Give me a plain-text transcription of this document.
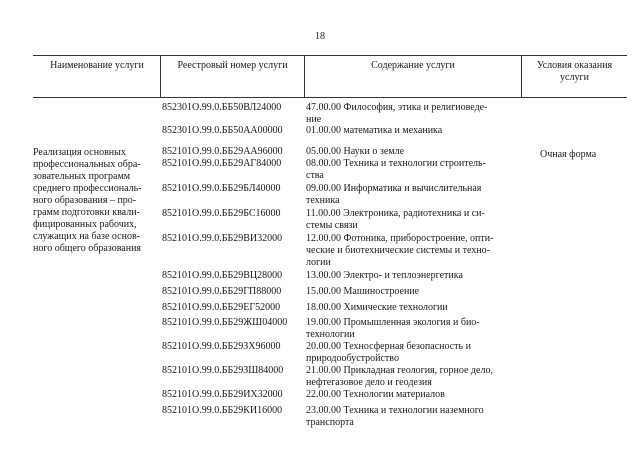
18
Наименование услуги	Реестровый номер услуги	Содержание услуги	Условия оказания
услуги
Реализация основных
профессиональных обра-
зовательных программ
среднего профессиональ-
ного образования – про-
грамм подготовки квали-
фицированных рабочих,
служащих на базе основ-
ного общего образования
Очная форма
852301О.99.0.ББ50ВЛ24000 47.00.00 Философия, этика и религиоведе-
ние
852301О.99.0.ББ50АА00000 01.00.00 математика и механика
852101О.99.0.ББ29АА96000 05.00.00 Науки о земле
852101О.99.0.ББ29АГ84000 08.00.00 Техника и технологии строитель-
ства
852101О.99.0.ББ29БЛ40000	09.00.00 Информатика и вычислительная
техника
852101О.99.0.ББ29БС16000	11.00.00 Электроника, радиотехника и си-
стемы связи
852101О.99.0.ББ29ВИ32000 12.00.00 Фотоника, приборостроение, опти-
ческие и биотехнические системы и техно-
логии
852101О.99.0.ББ29ВЦ28000 13.00.00 Электро- и теплоэнергетика
852101О.99.0.ББ29ГП88000 15.00.00 Машиностроение
852101О.99.0.ББ29ЕГ52000	18.00.00 Химические технологии
852101О.99.0.ББ29ЖШ04000 19.00.00 Промышленная экология и био-
технологии
852101О.99.0.ББ29ЗХ96000	20.00.00 Техносферная безопасность и
природообустройство
852101О.99.0.ББ29ЗШ84000 21.00.00 Прикладная геология, горное дело,
нефтегазовое дело и геодезия
852101О.99.0.ББ29ИХ32000 22.00.00 Технологии материалов
852101О.99.0.ББ29КИ16000 23.00.00 Техника и технологии наземного
транспорта
